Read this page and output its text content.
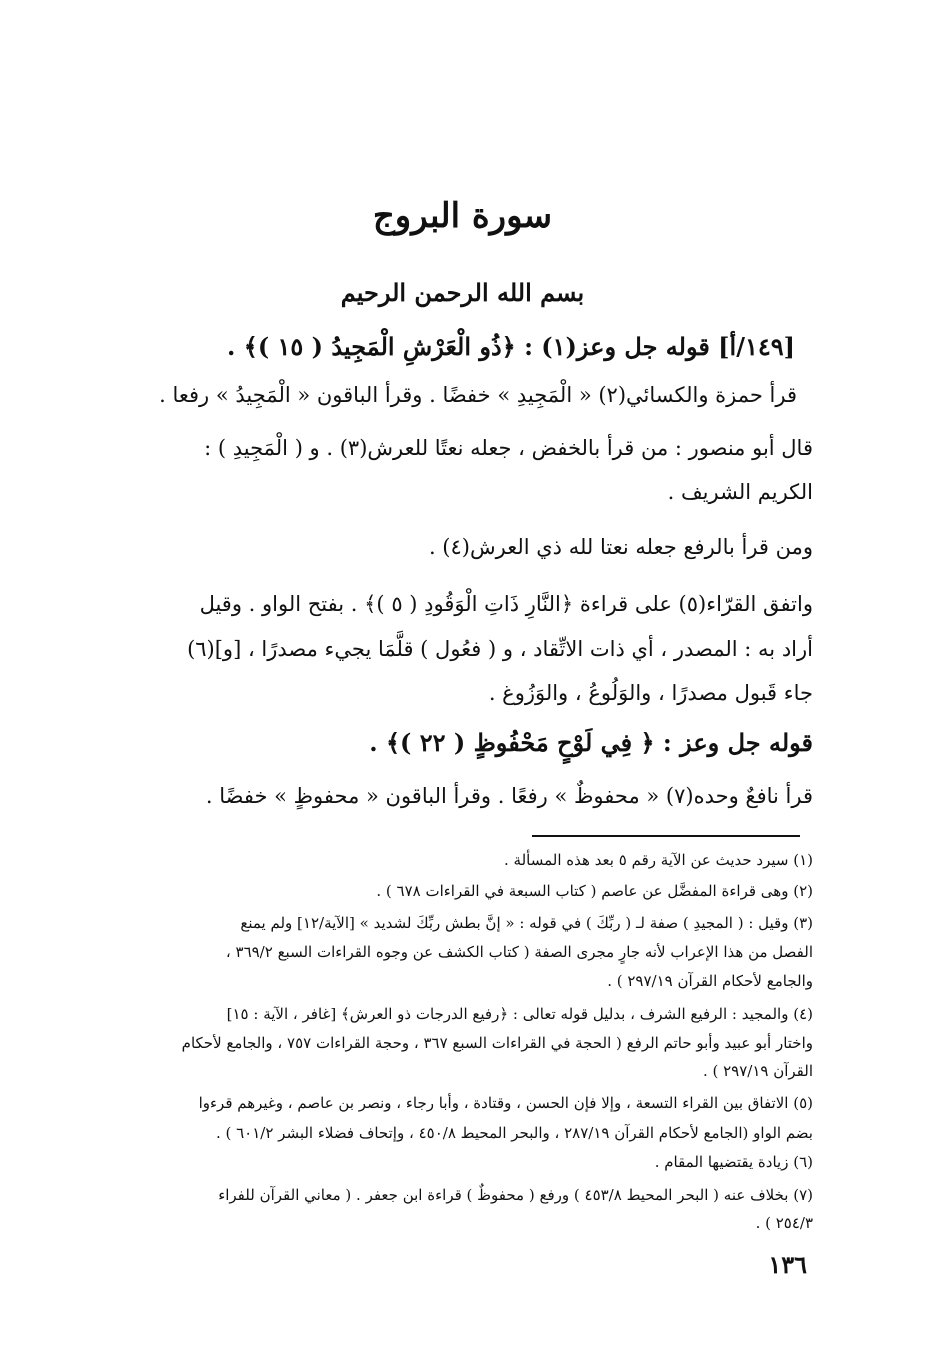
سورة البروج
بسم الله الرحمن الرحيم
[١٤٩/أ] قوله جل وعز(١) : ﴿ذُو الْعَرْشِ الْمَجِيدُ ( ١٥ )﴾ .
قرأ حمزة والكسائي(٢) « الْمَجِيدِ » خفضًا . وقرأ الباقون « الْمَجِيدُ » رفعا .
قال أبو منصور : من قرأ بالخفض ، جعله نعتًا للعرش(٣) . و ( الْمَجِيدِ ) :
الكريم الشريف .
ومن قرأ بالرفع جعله نعتا لله ذي العرش(٤) .
واتفق القرّاء(٥) على قراءة ﴿النَّارِ ذَاتِ الْوَقُودِ ( ٥ )﴾ . بفتح الواو . وقيل
أراد به : المصدر ، أي ذات الاتِّقاد ، و ( فعُول ) قلَّمَا يجيء مصدرًا ، [و](٦)
جاء قَبول مصدرًا ، والوَلُوعُ ، والوَزُوغ .
قوله جل وعز : ﴿ فِي لَوْحٍ مَحْفُوظٍ ( ٢٢ )﴾ .
قرأ نافعٌ وحده(٧) « محفوظٌ » رفعًا . وقرأ الباقون « محفوظٍ » خفضًا .
(١) سيرد حديث عن الآية رقم ٥ بعد هذه المسألة .
(٢) وهى قراءة المفضَّل عن عاصم ( كتاب السبعة في القراءات ٦٧٨ ) .
(٣) وقيل : ( المجيدِ ) صفة لـ ( ربِّكَ ) في قوله : « إنَّ بطش ربِّكَ لشديد » [الآية/١٢] ولم يمنع
الفصل من هذا الإعراب لأنه جارٍ مجرى الصفة ( كتاب الكشف عن وجوه القراءات السبع ٣٦٩/٢ ،
والجامع لأحكام القرآن ٢٩٧/١٩ ) .
(٤) والمجيد : الرفيع الشرف ، بدليل قوله تعالى : ﴿رفيع الدرجات ذو العرش﴾ [غافر ، الآية : ١٥]
واختار أبو عبيد وأبو حاتم الرفع ( الحجة في القراءات السبع ٣٦٧ ، وحجة القراءات ٧٥٧ ، والجامع لأحكام
القرآن ٢٩٧/١٩ ) .
(٥) الاتفاق بين القراء التسعة ، وإلا فإن الحسن ، وقتادة ، وأبا رجاء ، ونصر بن عاصم ، وغيرهم قرءوا
بضم الواو (الجامع لأحكام القرآن ٢٨٧/١٩ ، والبحر المحيط ٤٥٠/٨ ، وإتحاف فضلاء البشر ٦٠١/٢ ) .
(٦) زيادة يقتضيها المقام .
(٧) بخلاف عنه ( البحر المحيط ٤٥٣/٨ ) ورفع ( محفوظٌ ) قراءة ابن جعفر . ( معاني القرآن للفراء
٢٥٤/٣ ) .
١٣٦
